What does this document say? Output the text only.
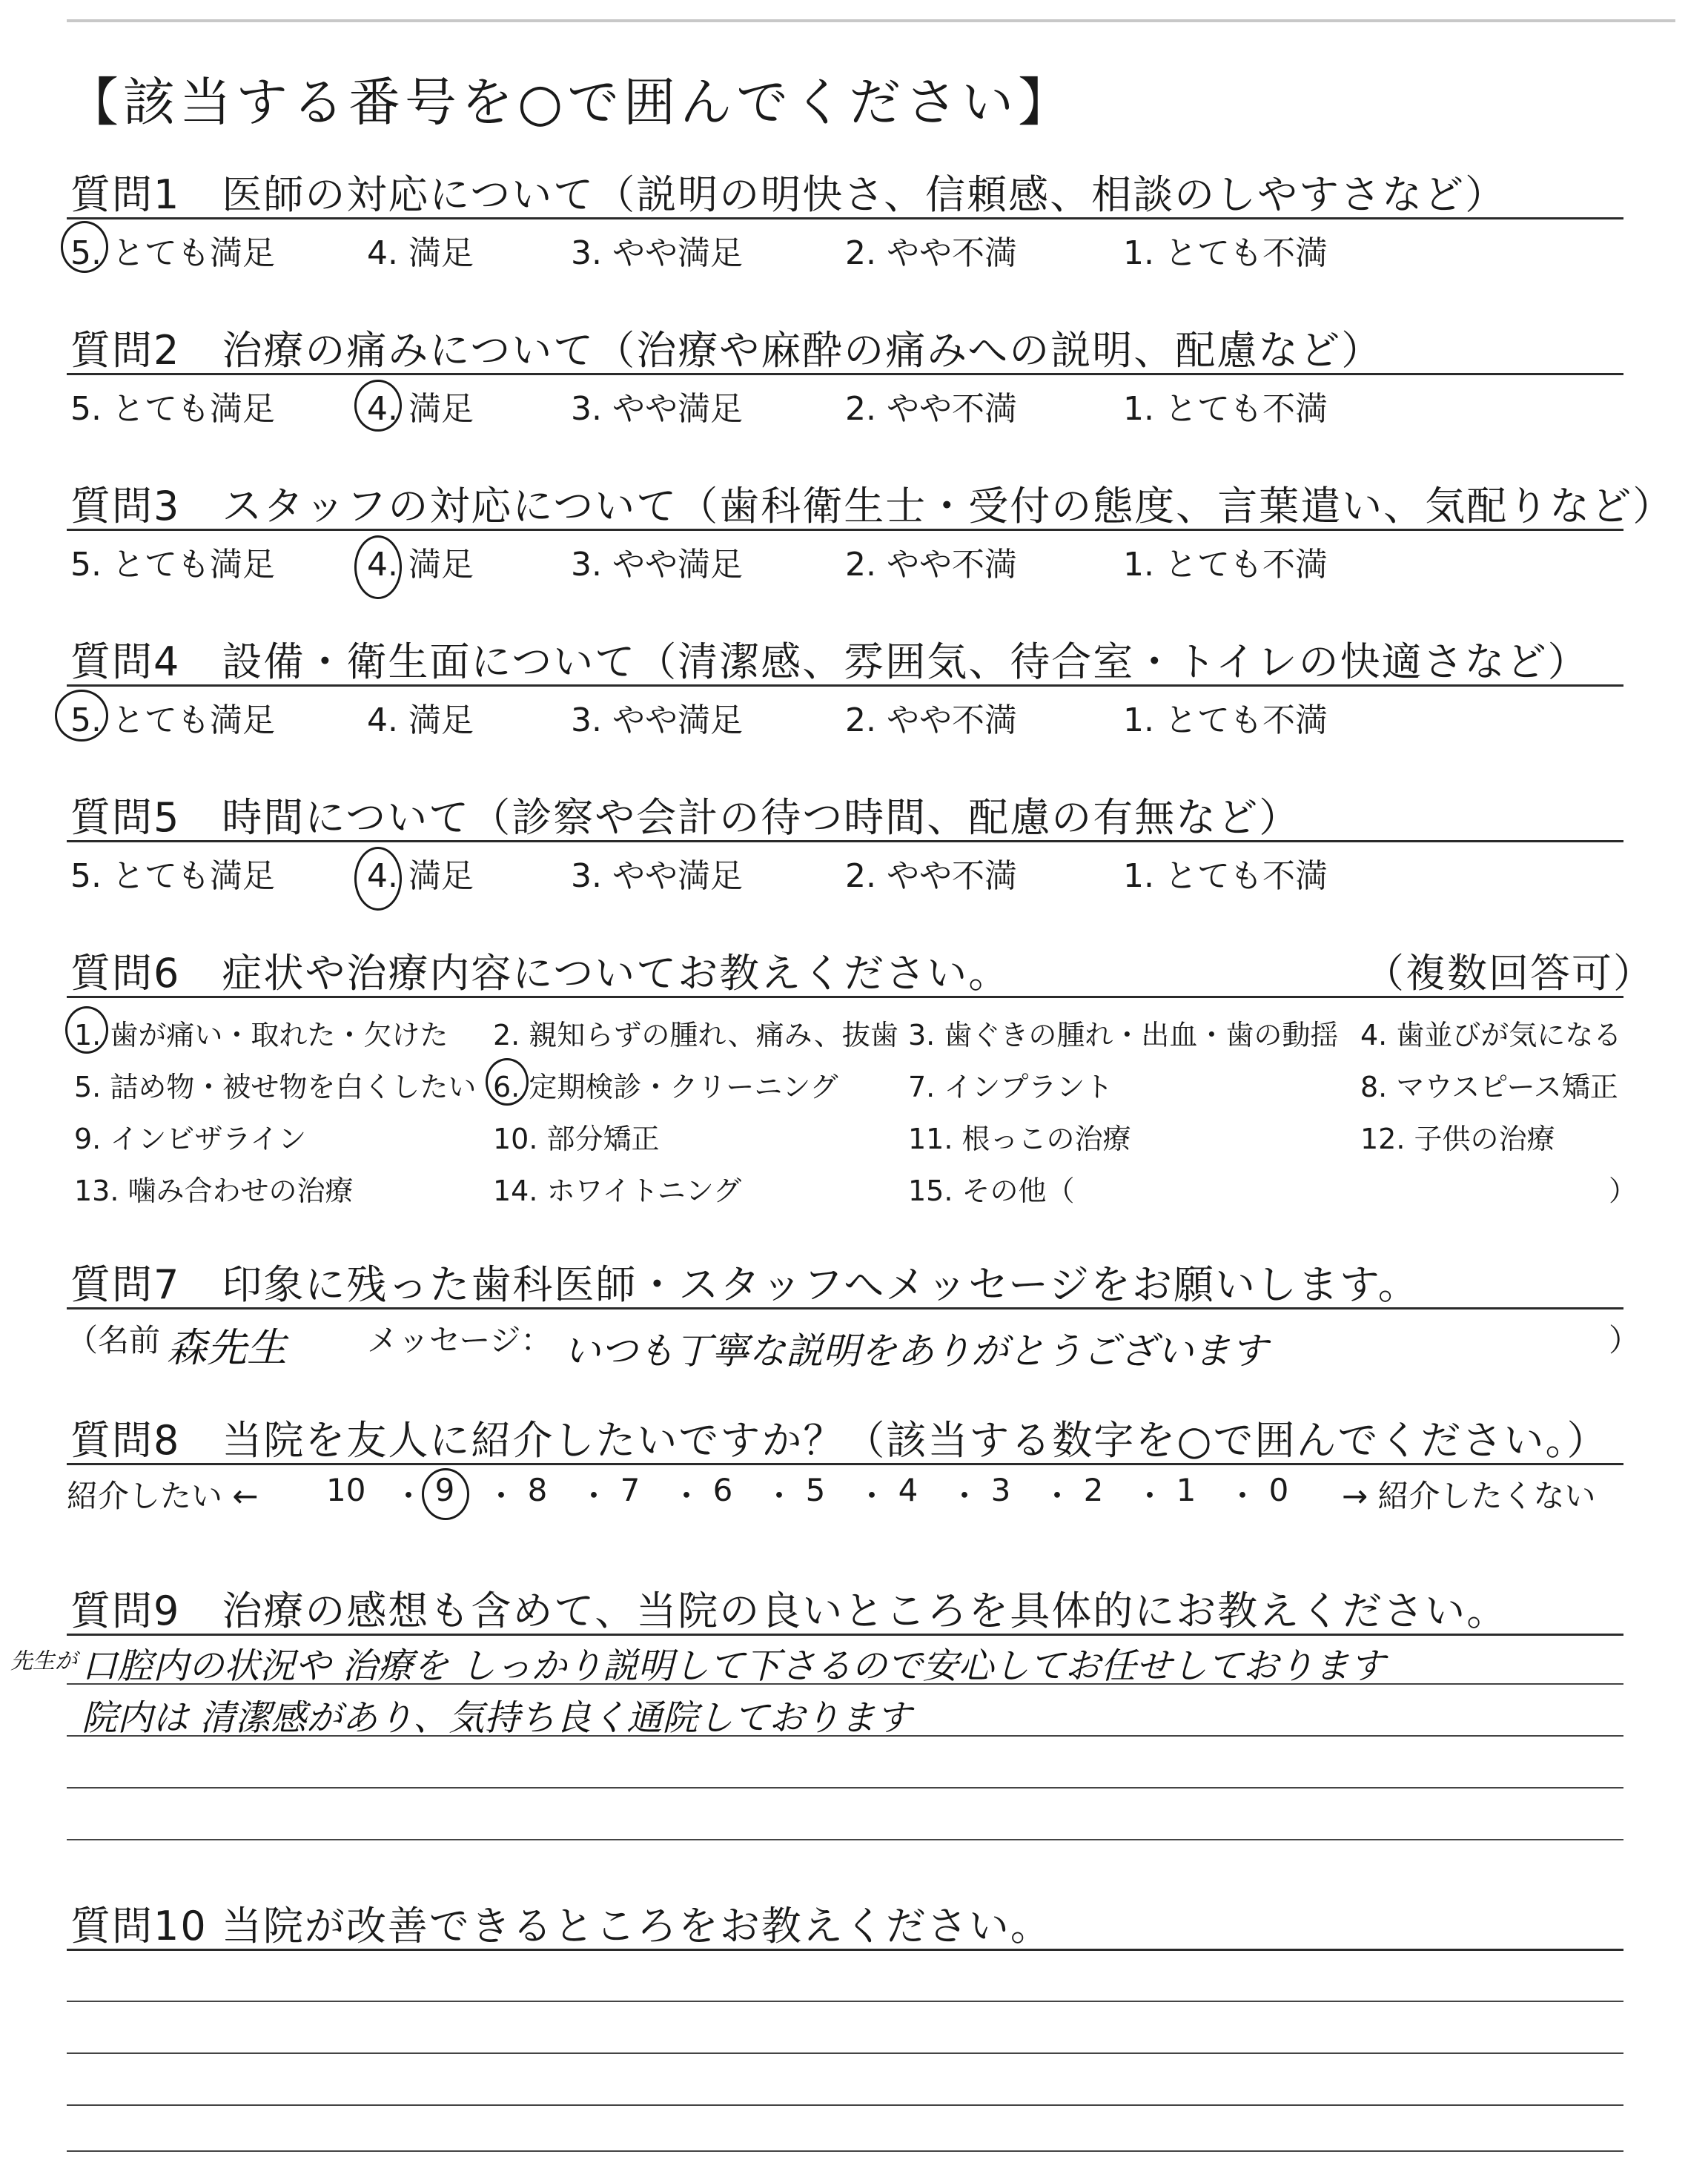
【該当する番号を○で囲んでください】
質問1　医師の対応について（説明の明快さ、信頼感、相談のしやすさなど）
5. とても満足	4. 満足	3. やや満足	2. やや不満	1. とても不満
質問2　治療の痛みについて（治療や麻酔の痛みへの説明、配慮など）
5. とても満足	4. 満足	3. やや満足	2. やや不満	1. とても不満
質問3　スタッフの対応について（歯科衛生士・受付の態度、言葉遣い、気配りなど）
5. とても満足	4. 満足	3. やや満足	2. やや不満	1. とても不満
質問4　設備・衛生面について（清潔感、雰囲気、待合室・トイレの快適さなど）
5. とても満足	4. 満足	3. やや満足	2. やや不満	1. とても不満
質問5　時間について（診察や会計の待つ時間、配慮の有無など）
5. とても満足	4. 満足	3. やや満足	2. やや不満	1. とても不満
質問6　症状や治療内容についてお教えください。	（複数回答可）
1. 歯が痛い・取れた・欠けた 2. 親知らずの腫れ、痛み、抜歯 3. 歯ぐきの腫れ・出血・歯の動揺 4. 歯並びが気になる
5. 詰め物・被せ物を白くしたい 6. 定期検診・クリーニング 7. インプラント	8. マウスピース矯正
9. インビザライン	10. 部分矯正	11. 根っこの治療	12. 子供の治療
13. 噛み合わせの治療	14. ホワイトニング	15. その他（	）
質問7　印象に残った歯科医師・スタッフへメッセージをお願いします。
（名前 森先生	メッセージ： いつも丁寧な説明をありがとうございます	）
質問8　当院を友人に紹介したいですか？（該当する数字を○で囲んでください。）
紹介したい ←	→ 紹介したくない
10 ・ 9 ・ 8 ・ 7 ・ 6 ・ 5 ・ 4 ・ 3 ・ 2 ・ 1 ・ 0
質問9　治療の感想も含めて、当院の良いところを具体的にお教えください。
先生が 口腔内の状況や 治療を しっかり説明して下さるので安心してお任せしております
院内は 清潔感があり、気持ち良く通院しております
質問10 当院が改善できるところをお教えください。
